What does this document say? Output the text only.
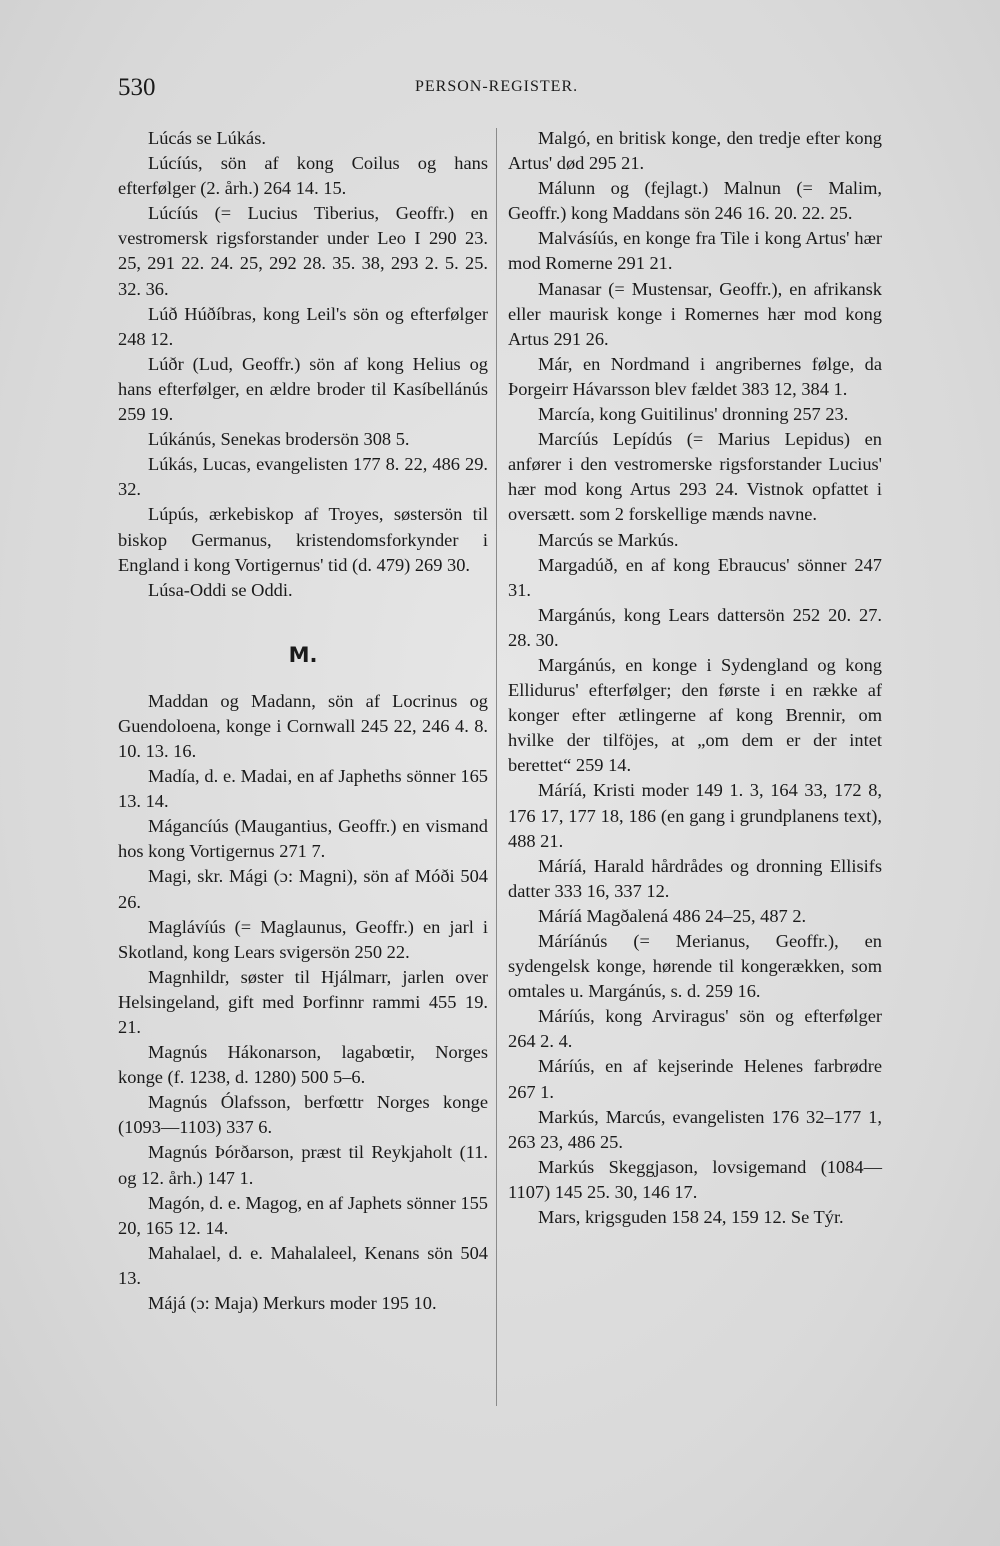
530	PERSON-REGISTER.

Lúcás se Lúkás.

Lúcíús, sön af kong Coilus og hans efterfølger (2. årh.) 264 14. 15.

Lúcíús (= Lucius Tiberius, Geoffr.) en vestromersk rigsforstander under Leo I 290 23. 25, 291 22. 24. 25, 292 28. 35. 38, 293 2. 5. 25. 32. 36.

Lúð Húðíbras, kong Leil's sön og efterfølger 248 12.

Lúðr (Lud, Geoffr.) sön af kong Helius og hans efterfølger, en ældre broder til Kasíbellánús 259 19.

Lúkánús, Senekas brodersön 308 5.

Lúkás, Lucas, evangelisten 177 8. 22, 486 29. 32.

Lúpús, ærkebiskop af Troyes, søstersön til biskop Germanus, kristendomsforkynder i England i kong Vortigernus' tid (d. 479) 269 30.

Lúsa-Oddi se Oddi.

M.

Maddan og Madann, sön af Locrinus og Guendoloena, konge i Cornwall 245 22, 246 4. 8. 10. 13. 16.

Madía, d. e. Madai, en af Japheths sönner 165 13. 14.

Mágancíús (Maugantius, Geoffr.) en vismand hos kong Vortigernus 271 7.

Magi, skr. Mági (ɔ: Magni), sön af Móði 504 26.

Maglávíús (= Maglaunus, Geoffr.) en jarl i Skotland, kong Lears svigersön 250 22.

Magnhildr, søster til Hjálmarr, jarlen over Helsingeland, gift med Þorfinnr rammi 455 19. 21.

Magnús Hákonarson, lagabœtir, Norges konge (f. 1238, d. 1280) 500 5–6.

Magnús Ólafsson, berfœttr Norges konge (1093—1103) 337 6.

Magnús Þórðarson, præst til Reykjaholt (11. og 12. årh.) 147 1.

Magón, d. e. Magog, en af Japhets sönner 155 20, 165 12. 14.

Mahalael, d. e. Mahalaleel, Kenans sön 504 13.

Májá (ɔ: Maja) Merkurs moder 195 10.

Malgó, en britisk konge, den tredje efter kong Artus' død 295 21.

Málunn og (fejlagt.) Malnun (= Malim, Geoffr.) kong Maddans sön 246 16. 20. 22. 25.

Malvásíús, en konge fra Tile i kong Artus' hær mod Romerne 291 21.

Manasar (= Mustensar, Geoffr.), en afrikansk eller maurisk konge i Romernes hær mod kong Artus 291 26.

Már, en Nordmand i angribernes følge, da Þorgeirr Hávarsson blev fældet 383 12, 384 1.

Marcía, kong Guitilinus' dronning 257 23.

Marcíús Lepídús (= Marius Lepidus) en anfører i den vestromerske rigsforstander Lucius' hær mod kong Artus 293 24. Vistnok opfattet i oversætt. som 2 forskellige mænds navne.

Marcús se Markús.

Margadúð, en af kong Ebraucus' sönner 247 31.

Margánús, kong Lears dattersön 252 20. 27. 28. 30.

Margánús, en konge i Sydengland og kong Ellidurus' efterfølger; den første i en række af konger efter ætlingerne af kong Brennir, om hvilke der tilföjes, at „om dem er der intet berettet“ 259 14.

Máríá, Kristi moder 149 1. 3, 164 33, 172 8, 176 17, 177 18, 186 (en gang i grundplanens text), 488 21.

Máríá, Harald hårdrådes og dronning Ellisifs datter 333 16, 337 12.

Máríá Magðalená 486 24–25, 487 2.

Máríánús (= Merianus, Geoffr.), en sydengelsk konge, hørende til kongerækken, som omtales u. Margánús, s. d. 259 16.

Máríús, kong Arviragus' sön og efterfølger 264 2. 4.

Máríús, en af kejserinde Helenes farbrødre 267 1.

Markús, Marcús, evangelisten 176 32–177 1, 263 23, 486 25.

Markús Skeggjason, lovsigemand (1084—1107) 145 25. 30, 146 17.

Mars, krigsguden 158 24, 159 12. Se Týr.
